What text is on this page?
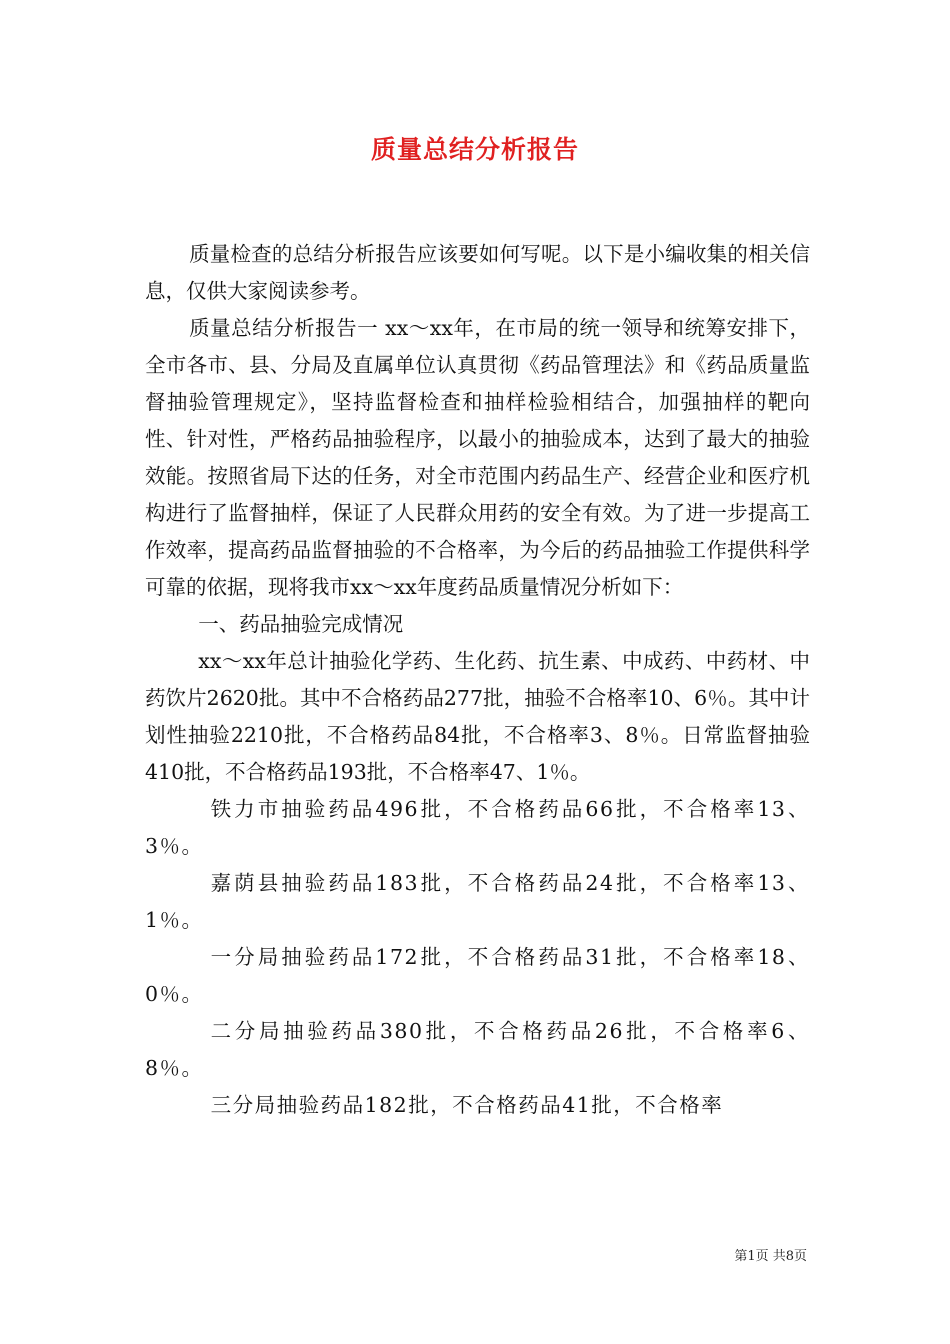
质量总结分析报告

质量检查的总结分析报告应该要如何写呢。以下是小编收集的相关信息，仅供大家阅读参考。

质量总结分析报告一 xx～xx年，在市局的统一领导和统筹安排下，全市各市、县、分局及直属单位认真贯彻《药品管理法》和《药品质量监督抽验管理规定》，坚持监督检查和抽样检验相结合，加强抽样的靶向性、针对性，严格药品抽验程序，以最小的抽验成本，达到了最大的抽验效能。按照省局下达的任务，对全市范围内药品生产、经营企业和医疗机构进行了监督抽样，保证了人民群众用药的安全有效。为了进一步提高工作效率，提高药品监督抽验的不合格率，为今后的药品抽验工作提供科学可靠的依据，现将我市xx～xx年度药品质量情况分析如下：

一、药品抽验完成情况

xx～xx年总计抽验化学药、生化药、抗生素、中成药、中药材、中药饮片2620批。其中不合格药品277批，抽验不合格率10、6％。其中计划性抽验2210批，不合格药品84批，不合格率3、8％。日常监督抽验410批，不合格药品193批，不合格率47、1％。

铁力市抽验药品496批，不合格药品66批，不合格率13、3％。

嘉荫县抽验药品183批，不合格药品24批，不合格率13、1％。

一分局抽验药品172批，不合格药品31批，不合格率18、0％。

二分局抽验药品380批，不合格药品26批，不合格率6、8％。

三分局抽验药品182批，不合格药品41批，不合格率

第1页 共8页
